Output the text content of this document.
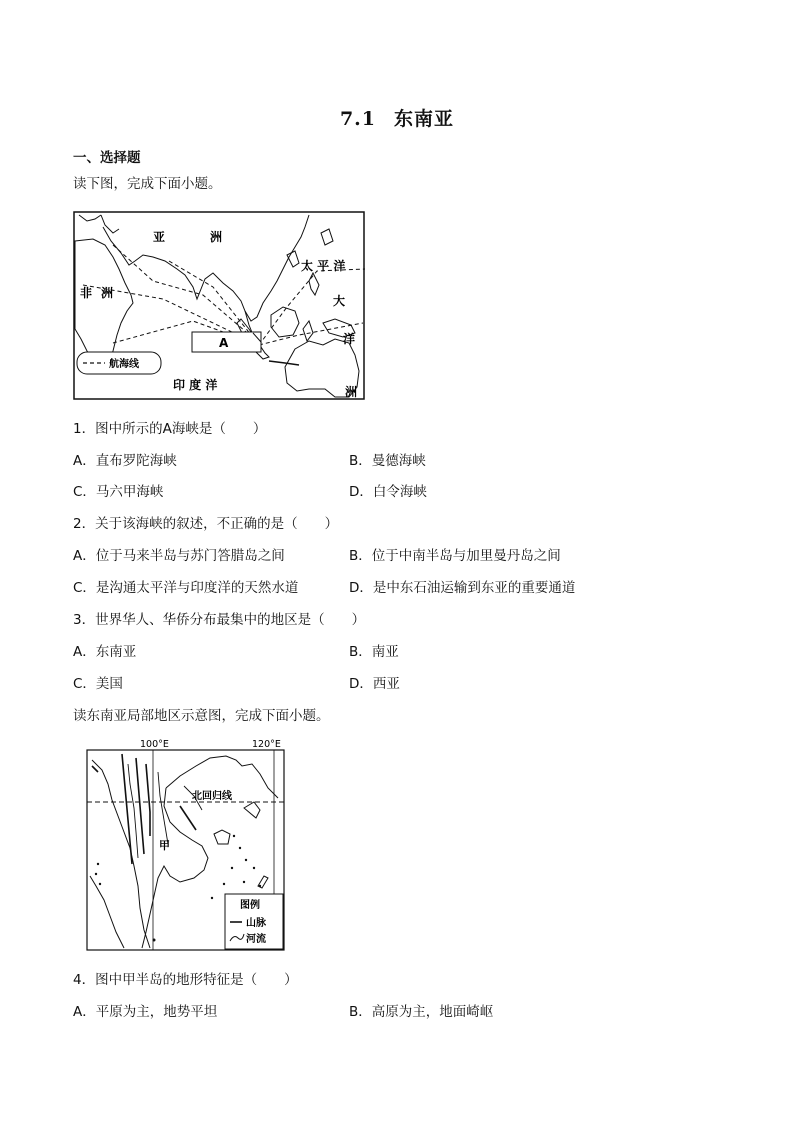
7.1 东南亚
一、选择题
读下图，完成下面小题。
亚	洲
非 洲
太 平 洋
大
洋
洲
印 度 洋
A
航海线
1．图中所示的A海峡是（　　）
A．直布罗陀海峡	B．曼德海峡
C．马六甲海峡	D．白令海峡
2．关于该海峡的叙述，不正确的是（　　）
A．位于马来半岛与苏门答腊岛之间	B．位于中南半岛与加里曼丹岛之间
C．是沟通太平洋与印度洋的天然水道	D．是中东石油运输到东亚的重要通道
3．世界华人、华侨分布最集中的地区是（　　）
A．东南亚	B．南亚
C．美国	D．西亚
读东南亚局部地区示意图，完成下面小题。
100°E	120°E
北回归线
甲
图例
山脉
河流
4．图中甲半岛的地形特征是（　　）
A．平原为主，地势平坦	B．高原为主，地面崎岖
